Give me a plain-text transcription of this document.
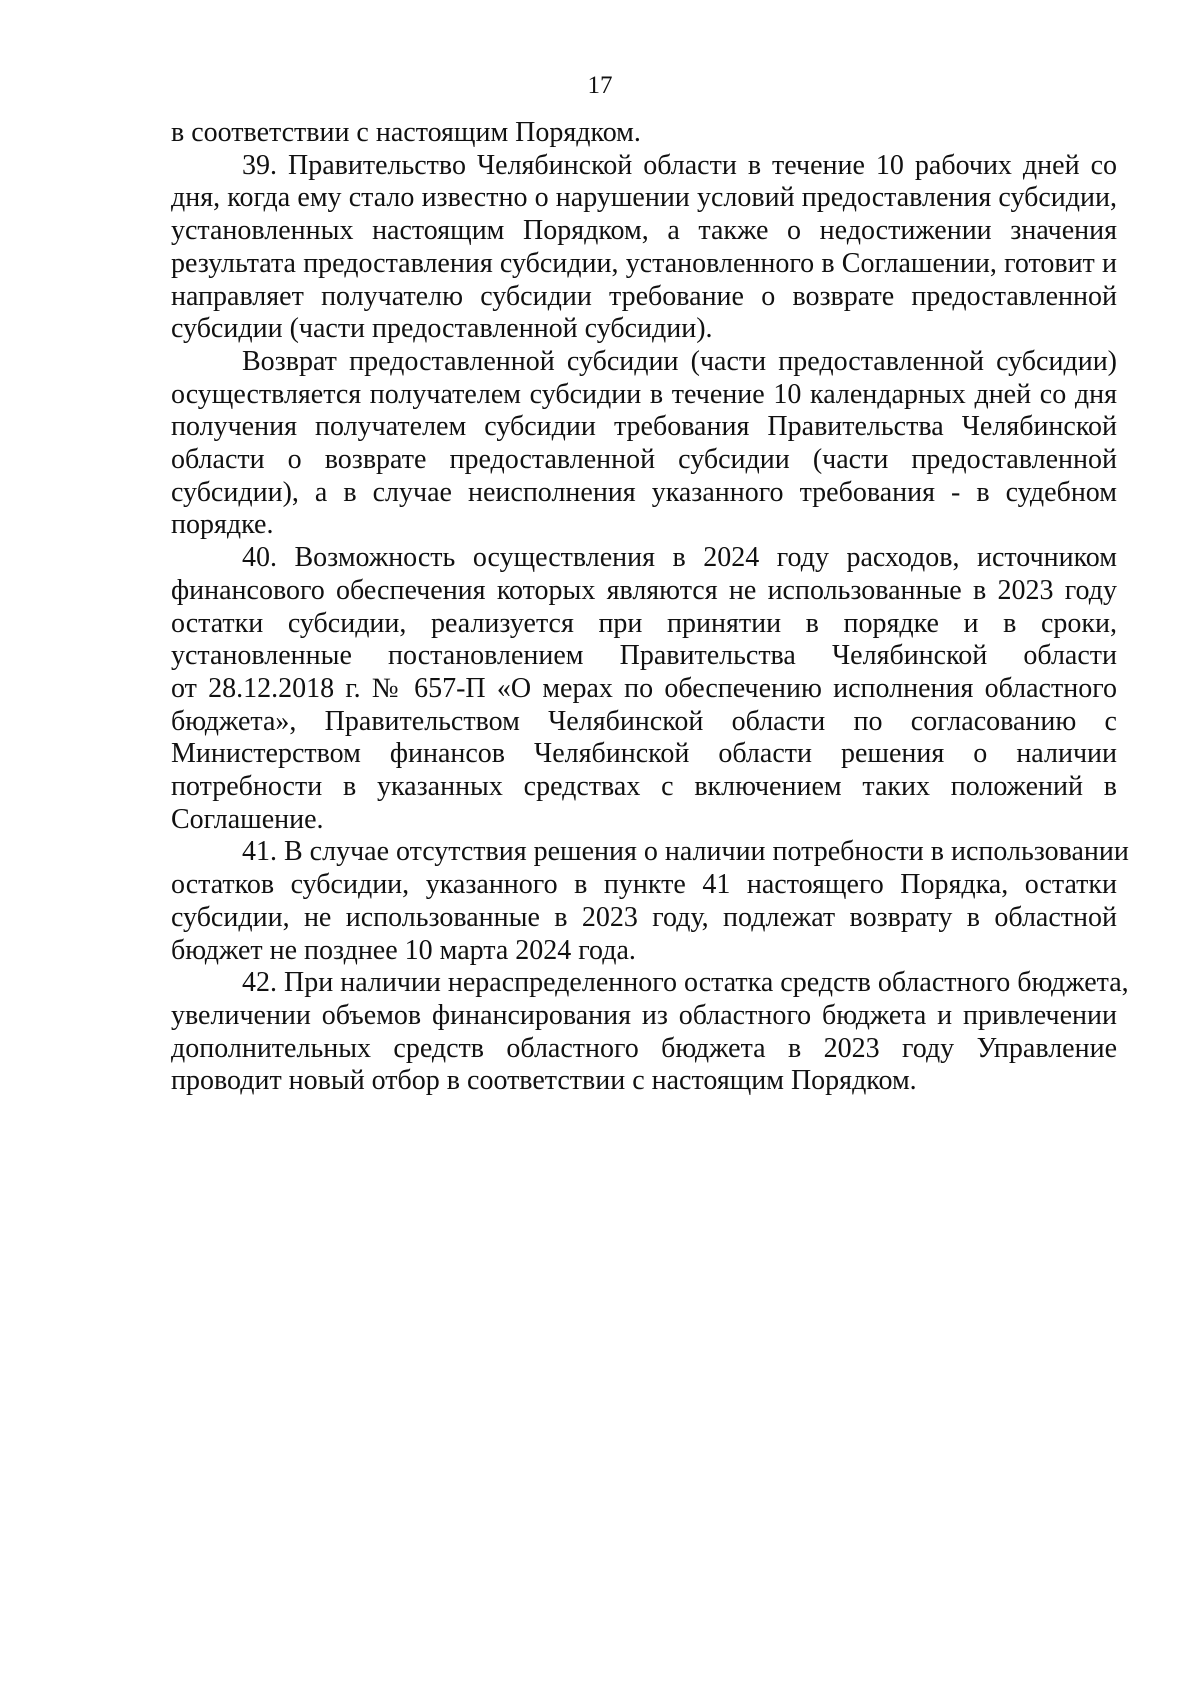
17
в соответствии с настоящим Порядком.
39. Правительство Челябинской области в течение 10 рабочих дней со
дня, когда ему стало известно о нарушении условий предоставления субсидии,
установленных настоящим Порядком, а также о недостижении значения
результата предоставления субсидии, установленного в Соглашении, готовит и
направляет получателю субсидии требование о возврате предоставленной
субсидии (части предоставленной субсидии).
Возврат предоставленной субсидии (части предоставленной субсидии)
осуществляется получателем субсидии в течение 10 календарных дней со дня
получения получателем субсидии требования Правительства Челябинской
области о возврате предоставленной субсидии (части предоставленной
субсидии), а в случае неисполнения указанного требования - в судебном
порядке.
40. Возможность осуществления в 2024 году расходов, источником
финансового обеспечения которых являются не использованные в 2023 году
остатки субсидии, реализуется при принятии в порядке и в сроки,
установленные постановлением Правительства Челябинской области
от 28.12.2018 г. № 657-П «О мерах по обеспечению исполнения областного
бюджета», Правительством Челябинской области по согласованию с
Министерством финансов Челябинской области решения о наличии
потребности в указанных средствах с включением таких положений в
Соглашение.
41. В случае отсутствия решения о наличии потребности в использовании
остатков субсидии, указанного в пункте 41 настоящего Порядка, остатки
субсидии, не использованные в 2023 году, подлежат возврату в областной
бюджет не позднее 10 марта 2024 года.
42. При наличии нераспределенного остатка средств областного бюджета,
увеличении объемов финансирования из областного бюджета и привлечении
дополнительных средств областного бюджета в 2023 году Управление
проводит новый отбор в соответствии с настоящим Порядком.
